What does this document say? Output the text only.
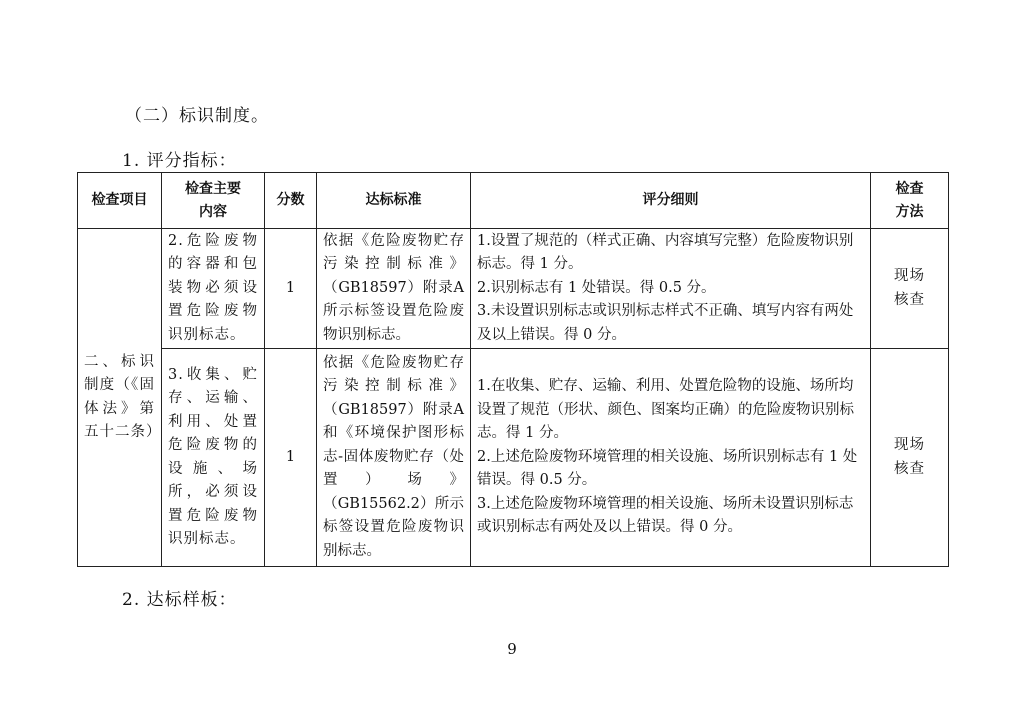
（二）标识制度。
1. 评分指标：
检查项目	检查主要
内容	分数	达标标准	评分细则	检查
方法

二、标识制度（《固体法》第五十二条）	2.危险废物的容器和包装物必须设置危险废物识别标志。	1	依据《危险废物贮存污染控制标准》（GB18597）附录A所示标签设置危险废物识别标志。	1.设置了规范的（样式正确、内容填写完整）危险废物识别标志。得 1 分。
2.识别标志有 1 处错误。得 0.5 分。
3.未设置识别标志或识别标志样式不正确、填写内容有两处及以上错误。得 0 分。	现场
核查

	3.收集、贮存、运输、利用、处置危险废物的设施、场所，必须设置危险废物识别标志。	1	依据《危险废物贮存污染控制标准》（GB18597）附录A和《环境保护图形标志-固体废物贮存（处置）场》（GB15562.2）所示标签设置危险废物识别标志。	1.在收集、贮存、运输、利用、处置危险物的设施、场所均设置了规范（形状、颜色、图案均正确）的危险废物识别标志。得 1 分。
2.上述危险废物环境管理的相关设施、场所识别标志有 1 处错误。得 0.5 分。
3.上述危险废物环境管理的相关设施、场所未设置识别标志或识别标志有两处及以上错误。得 0 分。	现场
核查
2. 达标样板：
9
